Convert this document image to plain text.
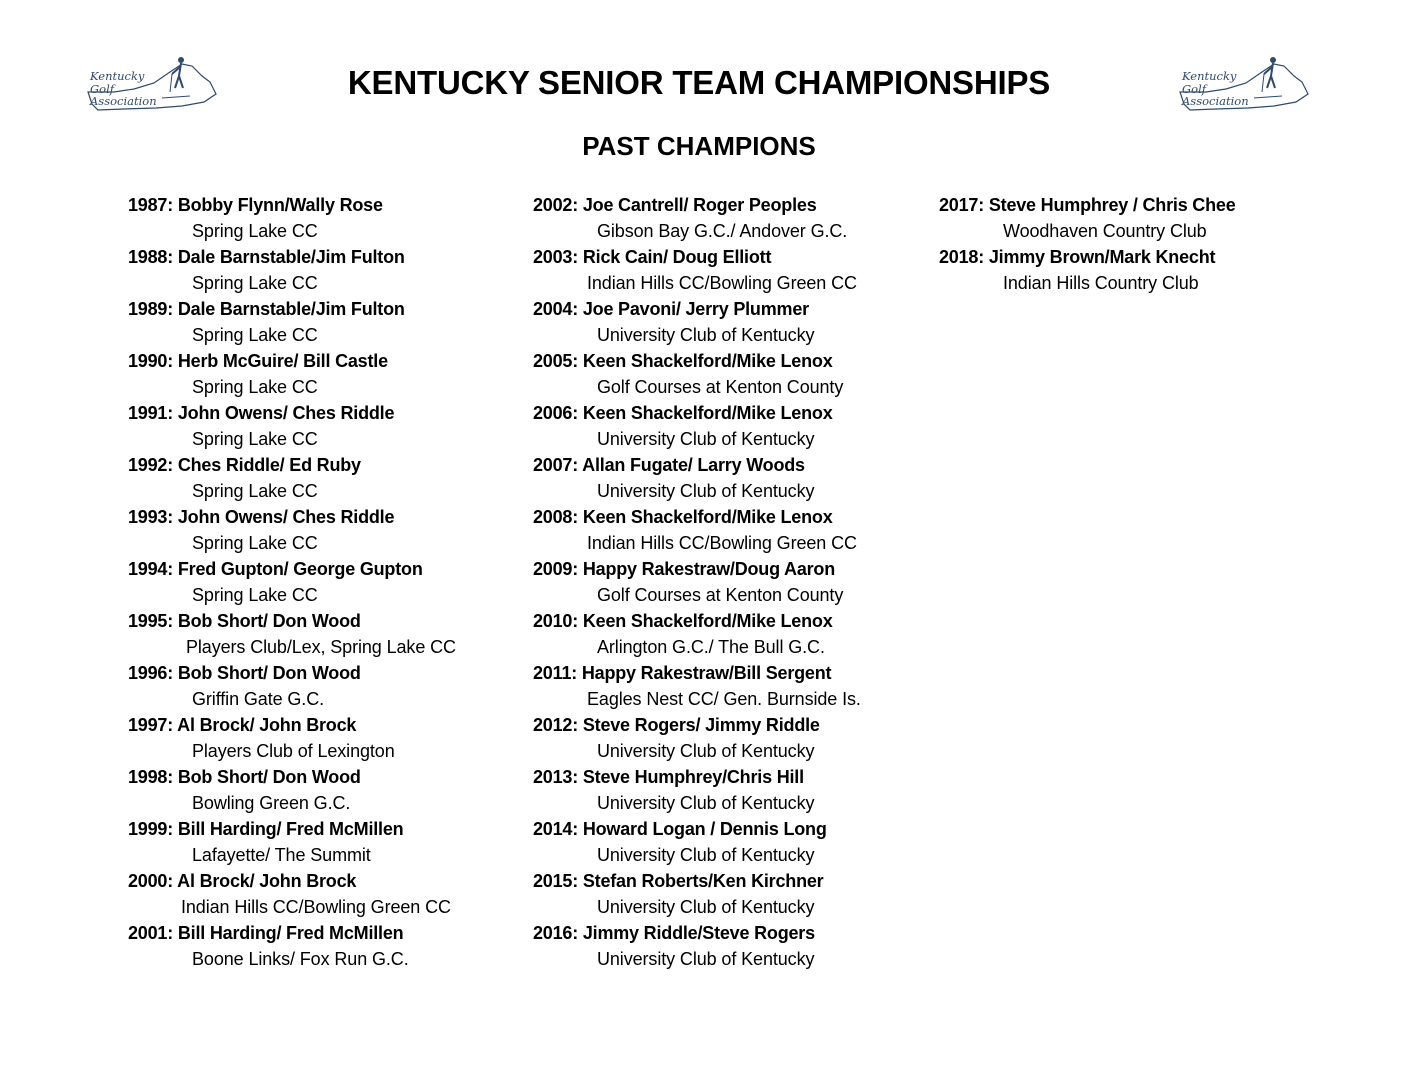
Kentucky
Golf
Association
Kentucky
Golf
Association
KENTUCKY SENIOR TEAM CHAMPIONSHIPS
PAST CHAMPIONS
1987: Bobby Flynn/Wally Rose
Spring Lake CC
1988: Dale Barnstable/Jim Fulton
Spring Lake CC
1989: Dale Barnstable/Jim Fulton
Spring Lake CC
1990: Herb McGuire/ Bill Castle
Spring Lake CC
1991: John Owens/ Ches Riddle
Spring Lake CC
1992: Ches Riddle/ Ed Ruby
Spring Lake CC
1993: John Owens/ Ches Riddle
Spring Lake CC
1994: Fred Gupton/ George Gupton
Spring Lake CC
1995: Bob Short/ Don Wood
Players Club/Lex, Spring Lake CC
1996: Bob Short/ Don Wood
Griffin Gate G.C.
1997: Al Brock/ John Brock
Players Club of Lexington
1998: Bob Short/ Don Wood
Bowling Green G.C.
1999: Bill Harding/ Fred McMillen
Lafayette/ The Summit
2000: Al Brock/ John Brock
Indian Hills CC/Bowling Green CC
2001: Bill Harding/ Fred McMillen
Boone Links/ Fox Run G.C.
2002: Joe Cantrell/ Roger Peoples
Gibson Bay G.C./ Andover G.C.
2003: Rick Cain/ Doug Elliott
Indian Hills CC/Bowling Green CC
2004: Joe Pavoni/ Jerry Plummer
University Club of Kentucky
2005: Keen Shackelford/Mike Lenox
Golf Courses at Kenton County
2006: Keen Shackelford/Mike Lenox
University Club of Kentucky
2007: Allan Fugate/ Larry Woods
University Club of Kentucky
2008: Keen Shackelford/Mike Lenox
Indian Hills CC/Bowling Green CC
2009: Happy Rakestraw/Doug Aaron
Golf Courses at Kenton County
2010: Keen Shackelford/Mike Lenox
Arlington G.C./ The Bull G.C.
2011: Happy Rakestraw/Bill Sergent
Eagles Nest CC/ Gen. Burnside Is.
2012: Steve Rogers/ Jimmy Riddle
University Club of Kentucky
2013: Steve Humphrey/Chris Hill
University Club of Kentucky
2014: Howard Logan / Dennis Long
University Club of Kentucky
2015: Stefan Roberts/Ken Kirchner
University Club of Kentucky
2016: Jimmy Riddle/Steve Rogers
University Club of Kentucky
2017: Steve Humphrey / Chris Chee
Woodhaven Country Club
2018: Jimmy Brown/Mark Knecht
Indian Hills Country Club
